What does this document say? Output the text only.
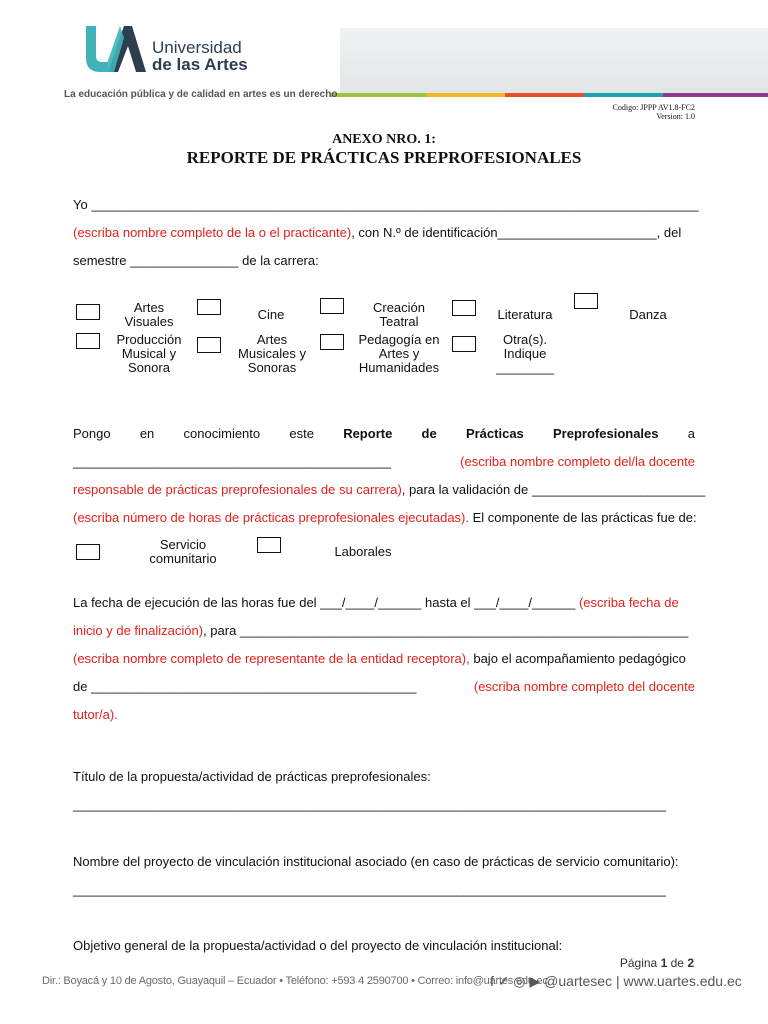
Universidad
de las Artes
La educación pública y de calidad en artes es un derecho
Codigo: JPPP AV1.8-FC2
Version: 1.0
ANEXO NRO. 1:
REPORTE DE PRÁCTICAS PREPROFESIONALES
Yo ____________________________________________________________________________________
(escriba nombre completo de la o el practicante), con N.º de identificación______________________, del
semestre _______________ de la carrera:
Artes Visuales	Cine	Creación Teatral	Literatura	Danza
Producción Musical y Sonora
Artes Musicales y Sonoras
Pedagogía en Artes y Humanidades
Otra(s). Indique ________
Pongo en conocimiento este Reporte de Prácticas Preprofesionales a
____________________________________________	(escriba nombre completo del/la docente
responsable de prácticas preprofesionales de su carrera), para la validación de ________________________
(escriba número de horas de prácticas preprofesionales ejecutadas). El componente de las prácticas fue de:
Servicio comunitario	Laborales
La fecha de ejecución de las horas fue del ___/____/______ hasta el ___/____/______ (escriba fecha de
inicio y de finalización), para ______________________________________________________________
(escriba nombre completo de representante de la entidad receptora), bajo el acompañamiento pedagógico
de _____________________________________________	(escriba nombre completo del docente
tutor/a).
Título de la propuesta/actividad de prácticas preprofesionales:
__________________________________________________________________________________
Nombre del proyecto de vinculación institucional asociado (en caso de prácticas de servicio comunitario):
__________________________________________________________________________________
Objetivo general de la propuesta/actividad o del proyecto de vinculación institucional:
Página 1 de 2
Dir.: Boyacá y 10 de Agosto, Guayaquil – Ecuador • Teléfono: +593 4 2590700 • Correo: info@uartes.edu.ec
f ✓ ◎ ▶ @uartesec | www.uartes.edu.ec
